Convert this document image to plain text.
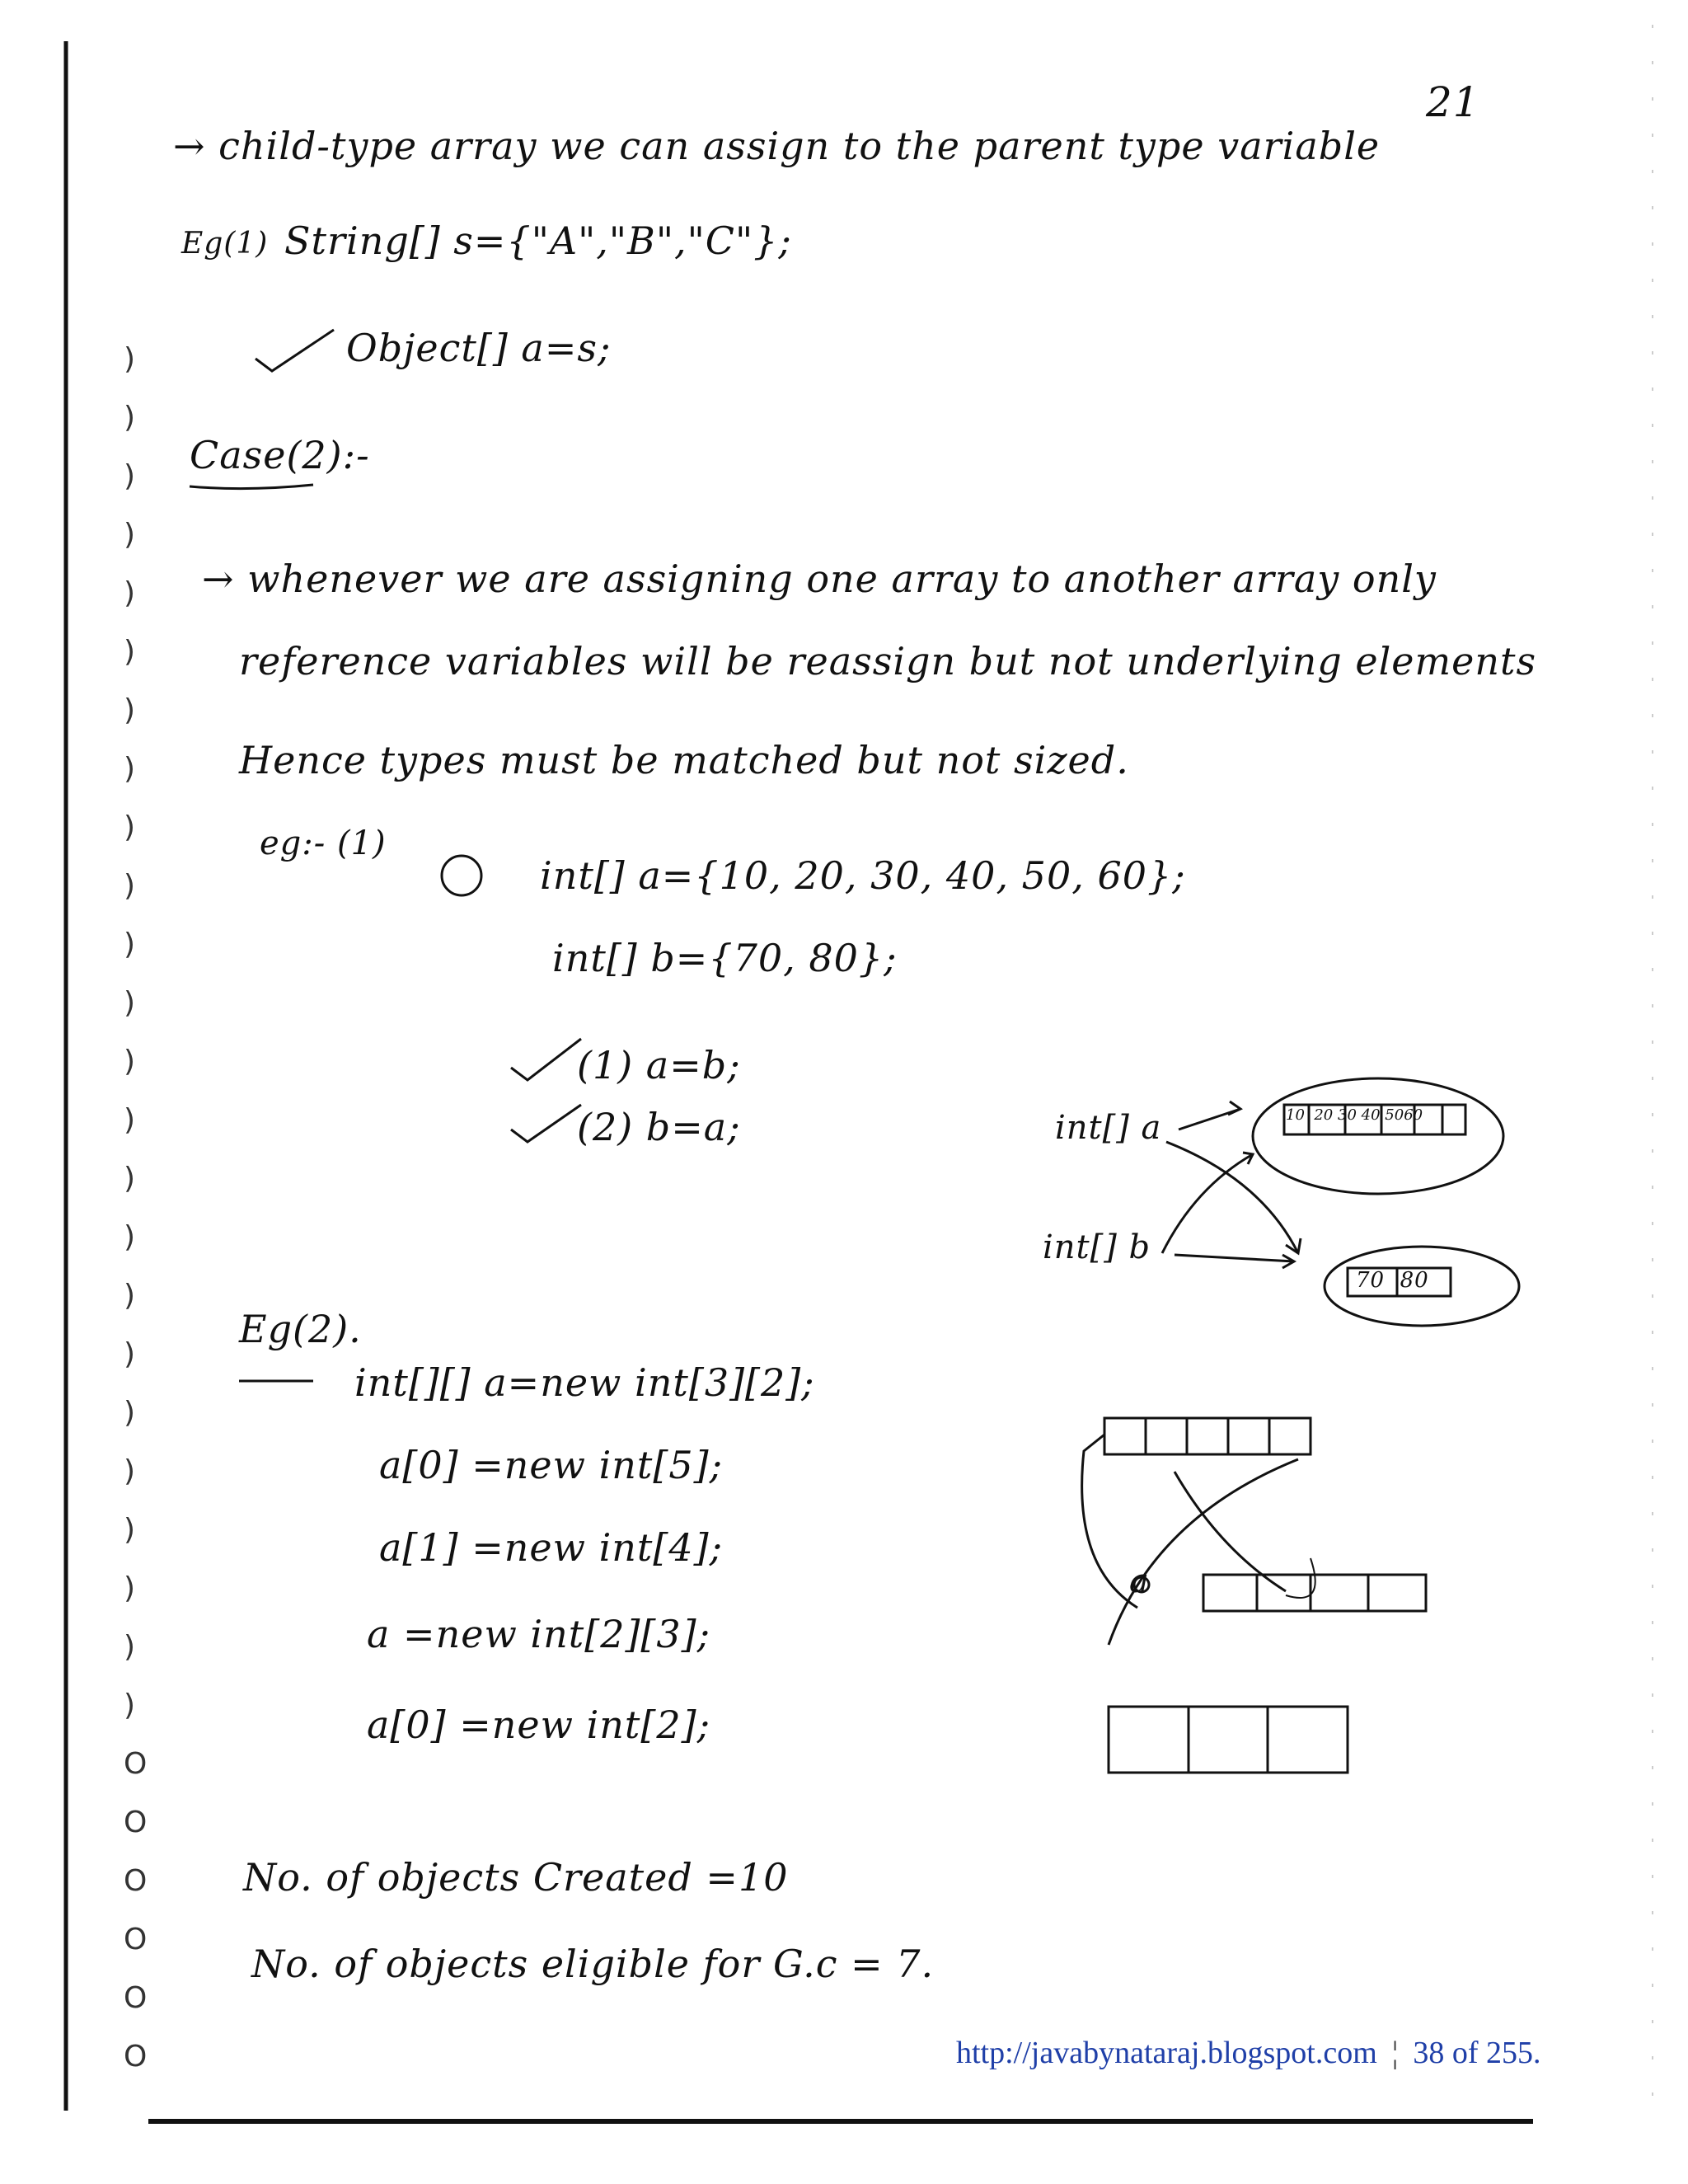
21
→ child-type array we can assign to the parent type variable
Eg(1) String[] s={"A","B","C"};
Object[] a=s;
Case(2):-
→ whenever we are assigning one array to another array only
reference variables will be reassign but not underlying elements
Hence types must be matched but not sized.
eg:- (1)
int[] a={10, 20, 30, 40, 50, 60};
int[] b={70, 80};
(1) a=b;
(2) b=a;	int[] a
int[] b
10 20 30 40 5060
70 80
Eg(2).
int[][] a=new int[3][2];
a[0] =new int[5];
a[1] =new int[4];
a =new int[2][3];
a[0] =new int[2];
a
No. of objects Created =10
No. of objects eligible for G.c = 7.
)
)
)
)
)
)
)
)
)
)
)
)
)
)
)
)
)
)
)
)
)
)
)
)
O
O
O
O
O
O	http://javabynataraj.blogspot.com ¦ 38 of 255.
